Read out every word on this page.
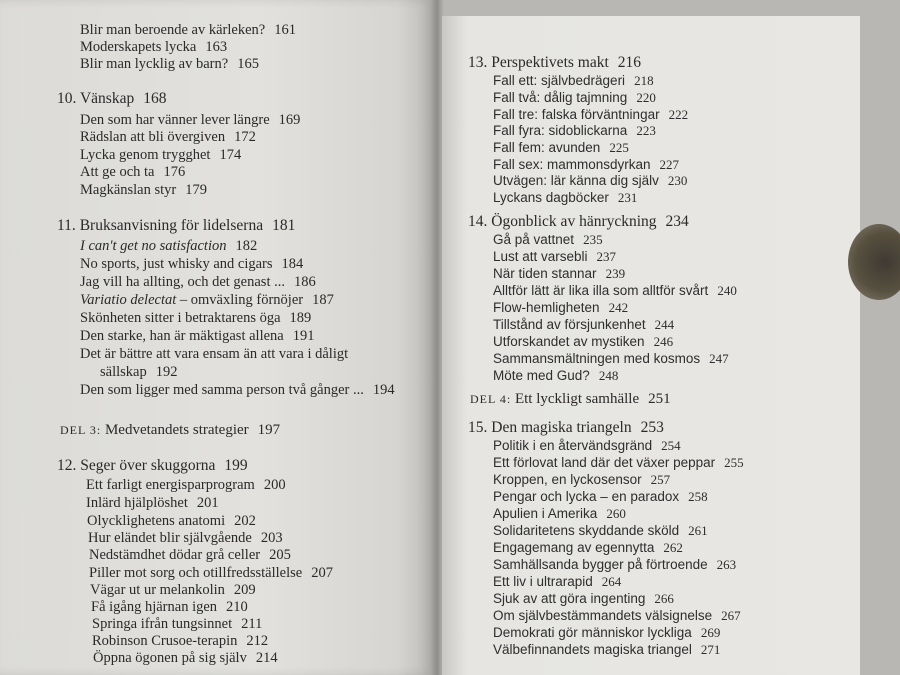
Blir man beroende av kärleken? 161
Moderskapets lycka 163
Blir man lycklig av barn? 165
10. Vänskap 168
Den som har vänner lever längre 169
Rädslan att bli övergiven 172
Lycka genom trygghet 174
Att ge och ta 176
Magkänslan styr 179
11. Bruksanvisning för lidelserna 181
I can't get no satisfaction 182
No sports, just whisky and cigars 184
Jag vill ha allting, och det genast ... 186
Variatio delectat – omväxling förnöjer 187
Skönheten sitter i betraktarens öga 189
Den starke, han är mäktigast allena 191
Det är bättre att vara ensam än att vara i dåligt
sällskap 192
Den som ligger med samma person två gånger ... 194
DEL 3: Medvetandets strategier 197
12. Seger över skuggorna 199
Ett farligt energisparprogram 200
Inlärd hjälplöshet 201
Olycklighetens anatomi 202
Hur eländet blir självgående 203
Nedstämdhet dödar grå celler 205
Piller mot sorg och otillfredsställelse 207
Vägar ut ur melankolin 209
Få igång hjärnan igen 210
Springa ifrån tungsinnet 211
Robinson Crusoe-terapin 212
Öppna ögonen på sig själv 214
13. Perspektivets makt 216
Fall ett: självbedrägeri 218
Fall två: dålig tajmning 220
Fall tre: falska förväntningar 222
Fall fyra: sidoblickarna 223
Fall fem: avunden 225
Fall sex: mammonsdyrkan 227
Utvägen: lär känna dig själv 230
Lyckans dagböcker 231
14. Ögonblick av hänryckning 234
Gå på vattnet 235
Lust att varsebli 237
När tiden stannar 239
Alltför lätt är lika illa som alltför svårt 240
Flow-hemligheten 242
Tillstånd av försjunkenhet 244
Utforskandet av mystiken 246
Sammansmältningen med kosmos 247
Möte med Gud? 248
DEL 4: Ett lyckligt samhälle 251
15. Den magiska triangeln 253
Politik i en återvändsgränd 254
Ett förlovat land där det växer peppar 255
Kroppen, en lyckosensor 257
Pengar och lycka – en paradox 258
Apulien i Amerika 260
Solidaritetens skyddande sköld 261
Engagemang av egennytta 262
Samhällsanda bygger på förtroende 263
Ett liv i ultrarapid 264
Sjuk av att göra ingenting 266
Om självbestämmandets välsignelse 267
Demokrati gör människor lyckliga 269
Välbefinnandets magiska triangel 271
